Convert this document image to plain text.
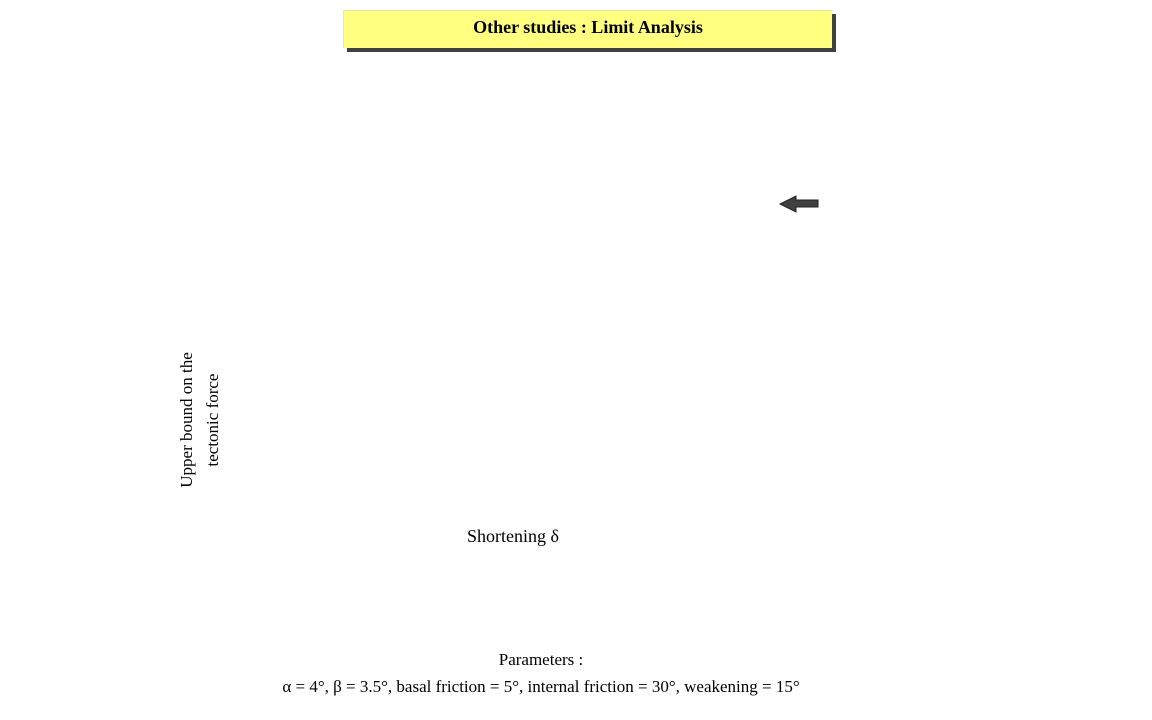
Other studies : Limit Analysis
Upper bound on the tectonic force
Shortening δ
Parameters :
α = 4°, β = 3.5°, basal friction = 5°, internal friction = 30°, weakening = 15°
